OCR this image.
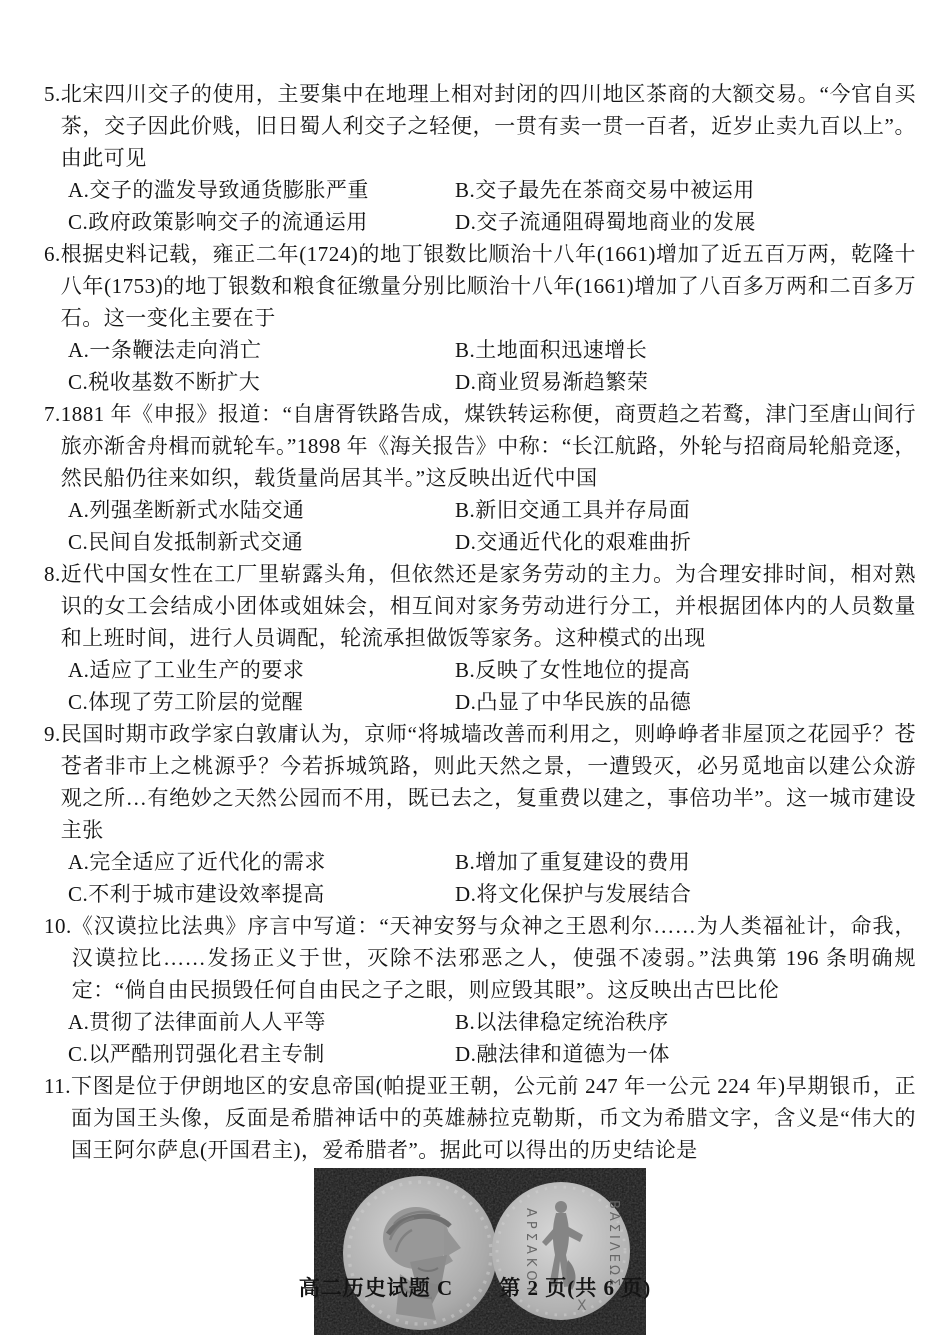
5. 北宋四川交子的使用，主要集中在地理上相对封闭的四川地区茶商的大额交易。“今官自买茶，交子因此价贱，旧日蜀人利交子之轻便，一贯有卖一贯一百者，近岁止卖九百以上”。由此可见

A.交子的滥发导致通货膨胀严重	B.交子最先在茶商交易中被运用
C.政府政策影响交子的流通运用	D.交子流通阻碍蜀地商业的发展
6. 根据史料记载，雍正二年(1724)的地丁银数比顺治十八年(1661)增加了近五百万两，乾隆十八年(1753)的地丁银数和粮食征缴量分别比顺治十八年(1661)增加了八百多万两和二百多万石。这一变化主要在于

A.一条鞭法走向消亡	B.土地面积迅速增长
C.税收基数不断扩大	D.商业贸易渐趋繁荣
7. 1881 年《申报》报道：“自唐胥铁路告成，煤铁转运称便，商贾趋之若鹜，津门至唐山间行旅亦渐舍舟楫而就轮车。”1898 年《海关报告》中称：“长江航路，外轮与招商局轮船竞逐，然民船仍往来如织，载货量尚居其半。”这反映出近代中国

A.列强垄断新式水陆交通	B.新旧交通工具并存局面
C.民间自发抵制新式交通	D.交通近代化的艰难曲折
8. 近代中国女性在工厂里崭露头角，但依然还是家务劳动的主力。为合理安排时间，相对熟识的女工会结成小团体或姐妹会，相互间对家务劳动进行分工，并根据团体内的人员数量和上班时间，进行人员调配，轮流承担做饭等家务。这种模式的出现

A.适应了工业生产的要求	B.反映了女性地位的提高
C.体现了劳工阶层的觉醒	D.凸显了中华民族的品德
9. 民国时期市政学家白敦庸认为，京师“将城墙改善而利用之，则峥峥者非屋顶之花园乎？苍苍者非市上之桃源乎？今若拆城筑路，则此天然之景，一遭毁灭，必另觅地亩以建公众游观之所…有绝妙之天然公园而不用，既已去之，复重费以建之，事倍功半”。这一城市建设主张

A.完全适应了近代化的需求	B.增加了重复建设的费用
C.不利于城市建设效率提高	D.将文化保护与发展结合
10. 《汉谟拉比法典》序言中写道：“天神安努与众神之王恩利尔……为人类福祉计，命我，汉谟拉比……发扬正义于世，灭除不法邪恶之人，使强不凌弱。”法典第 196 条明确规定：“倘自由民损毁任何自由民之子之眼，则应毁其眼”。这反映出古巴比伦

A.贯彻了法律面前人人平等	B.以法律稳定统治秩序
C.以严酷刑罚强化君主专制	D.融法律和道德为一体
11. 下图是位于伊朗地区的安息帝国(帕提亚王朝，公元前 247 年一公元 224 年)早期银币，正面为国王头像，反面是希腊神话中的英雄赫拉克勒斯，币文为希腊文字，含义是“伟大的国王阿尔萨息(开国君主)，爱希腊者”。据此可以得出的历史结论是

ΑΡΣΑΚΟΥ	ΒΑΣΙΛΕΩΣ
X
高二历史试题 C 第 2 页(共 6 页)
